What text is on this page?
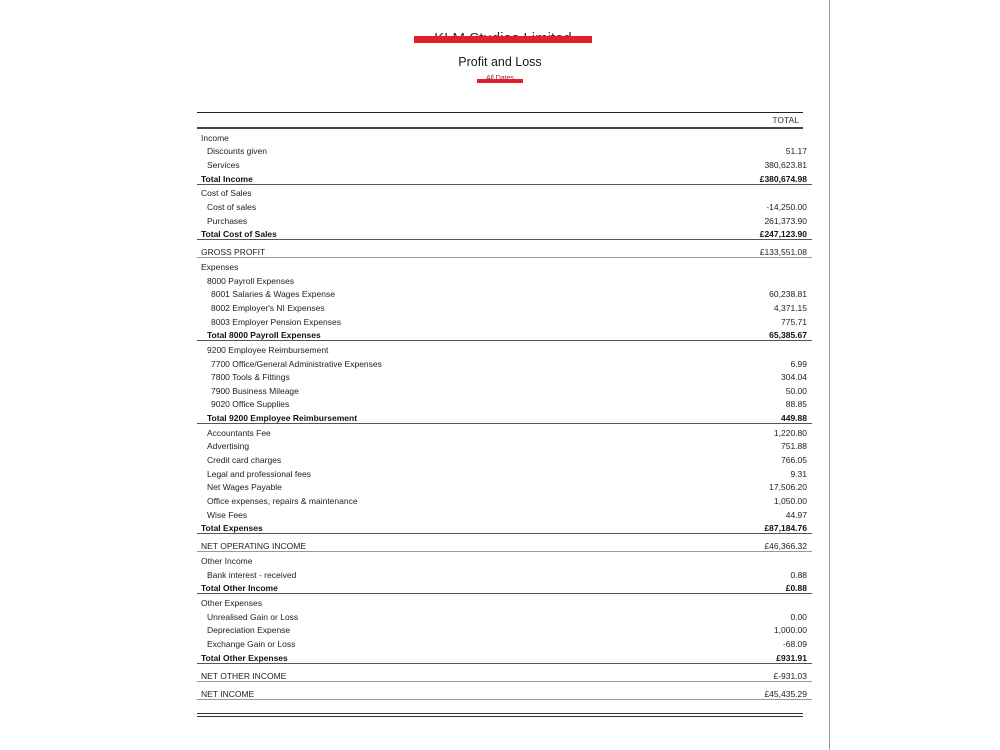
Profit and Loss
TOTAL
Income	
Discounts given	51.17
Services	380,623.81
Total Income	£380,674.98
Cost of Sales	
Cost of sales	-14,250.00
Purchases	261,373.90
Total Cost of Sales	£247,123.90
GROSS PROFIT	£133,551.08
Expenses	
8000 Payroll Expenses	
8001 Salaries & Wages Expense	60,238.81
8002 Employer's NI Expenses	4,371.15
8003 Employer Pension Expenses	775.71
Total 8000 Payroll Expenses	65,385.67
9200 Employee Reimbursement	
7700 Office/General Administrative Expenses	6.99
7800 Tools & Fittings	304.04
7900 Business Mileage	50.00
9020 Office Supplies	88.85
Total 9200 Employee Reimbursement	449.88
Accountants Fee	1,220.80
Advertising	751.88
Credit card charges	766.05
Legal and professional fees	9.31
Net Wages Payable	17,506.20
Office expenses, repairs & maintenance	1,050.00
Wise Fees	44.97
Total Expenses	£87,184.76
NET OPERATING INCOME	£46,366.32
Other Income	
Bank interest - received	0.88
Total Other Income	£0.88
Other Expenses	
Unrealised Gain or Loss	0.00
Depreciation Expense	1,000.00
Exchange Gain or Loss	-68.09
Total Other Expenses	£931.91
NET OTHER INCOME	£-931.03
NET INCOME	£45,435.29
